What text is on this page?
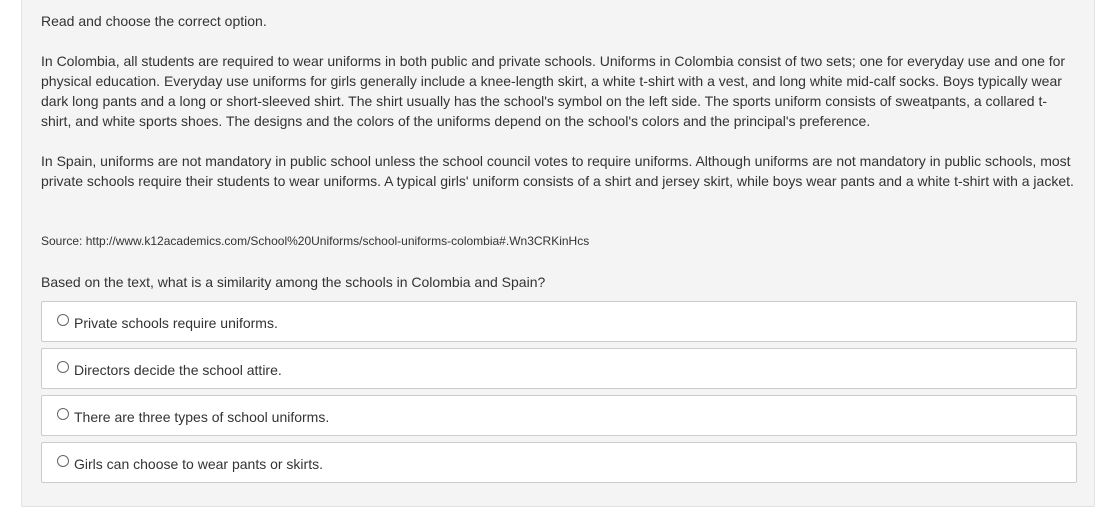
Read and choose the correct option.

In Colombia, all students are required to wear uniforms in both public and private schools. Uniforms in Colombia consist of two sets; one for everyday use and one for physical education. Everyday use uniforms for girls generally include a knee-length skirt, a white t-shirt with a vest, and long white mid-calf socks. Boys typically wear dark long pants and a long or short-sleeved shirt. The shirt usually has the school's symbol on the left side. The sports uniform consists of sweatpants, a collared t-shirt, and white sports shoes. The designs and the colors of the uniforms depend on the school's colors and the principal's preference.

In Spain, uniforms are not mandatory in public school unless the school council votes to require uniforms. Although uniforms are not mandatory in public schools, most private schools require their students to wear uniforms. A typical girls' uniform consists of a shirt and jersey skirt, while boys wear pants and a white t-shirt with a jacket.

Source: http://www.k12academics.com/School%20Uniforms/school-uniforms-colombia#.Wn3CRKinHcs

Based on the text, what is a similarity among the schools in Colombia and Spain?

Private schools require uniforms.
Directors decide the school attire.
There are three types of school uniforms.
Girls can choose to wear pants or skirts.
